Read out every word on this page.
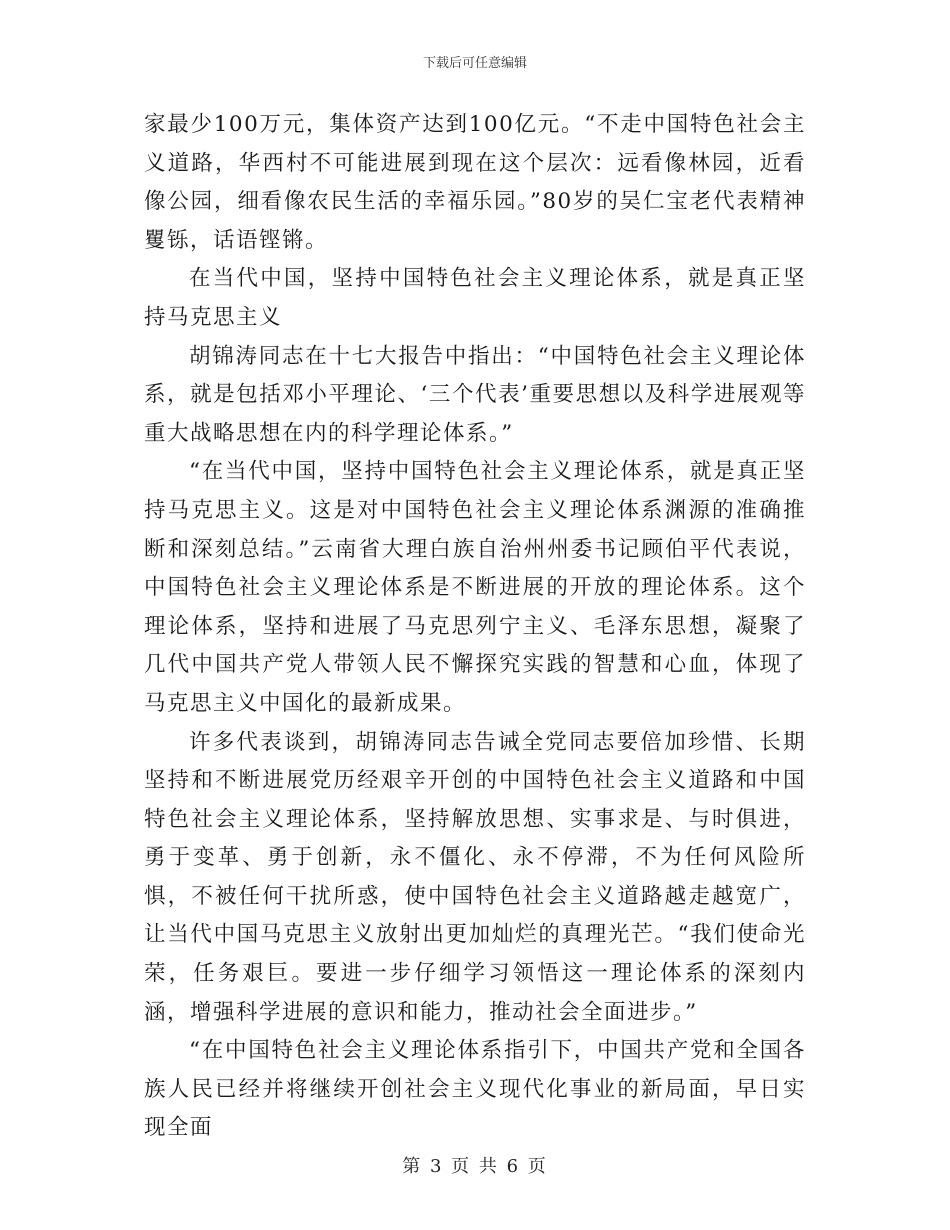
下载后可任意编辑

家最少100万元，集体资产达到100亿元。“不走中国特色社会主义道路，华西村不可能进展到现在这个层次：远看像林园，近看像公园，细看像农民生活的幸福乐园。”80岁的吴仁宝老代表精神矍铄，话语铿锵。

在当代中国，坚持中国特色社会主义理论体系，就是真正坚持马克思主义

胡锦涛同志在十七大报告中指出：“中国特色社会主义理论体系，就是包括邓小平理论、‘三个代表’重要思想以及科学进展观等重大战略思想在内的科学理论体系。”

“在当代中国，坚持中国特色社会主义理论体系，就是真正坚持马克思主义。这是对中国特色社会主义理论体系渊源的准确推断和深刻总结。”云南省大理白族自治州州委书记顾伯平代表说，中国特色社会主义理论体系是不断进展的开放的理论体系。这个理论体系，坚持和进展了马克思列宁主义、毛泽东思想，凝聚了几代中国共产党人带领人民不懈探究实践的智慧和心血，体现了马克思主义中国化的最新成果。

许多代表谈到，胡锦涛同志告诫全党同志要倍加珍惜、长期坚持和不断进展党历经艰辛开创的中国特色社会主义道路和中国特色社会主义理论体系，坚持解放思想、实事求是、与时俱进，勇于变革、勇于创新，永不僵化、永不停滞，不为任何风险所惧，不被任何干扰所惑，使中国特色社会主义道路越走越宽广，让当代中国马克思主义放射出更加灿烂的真理光芒。“我们使命光荣，任务艰巨。要进一步仔细学习领悟这一理论体系的深刻内涵，增强科学进展的意识和能力，推动社会全面进步。”

“在中国特色社会主义理论体系指引下，中国共产党和全国各族人民已经并将继续开创社会主义现代化事业的新局面，早日实现全面

第 3 页 共 6 页
